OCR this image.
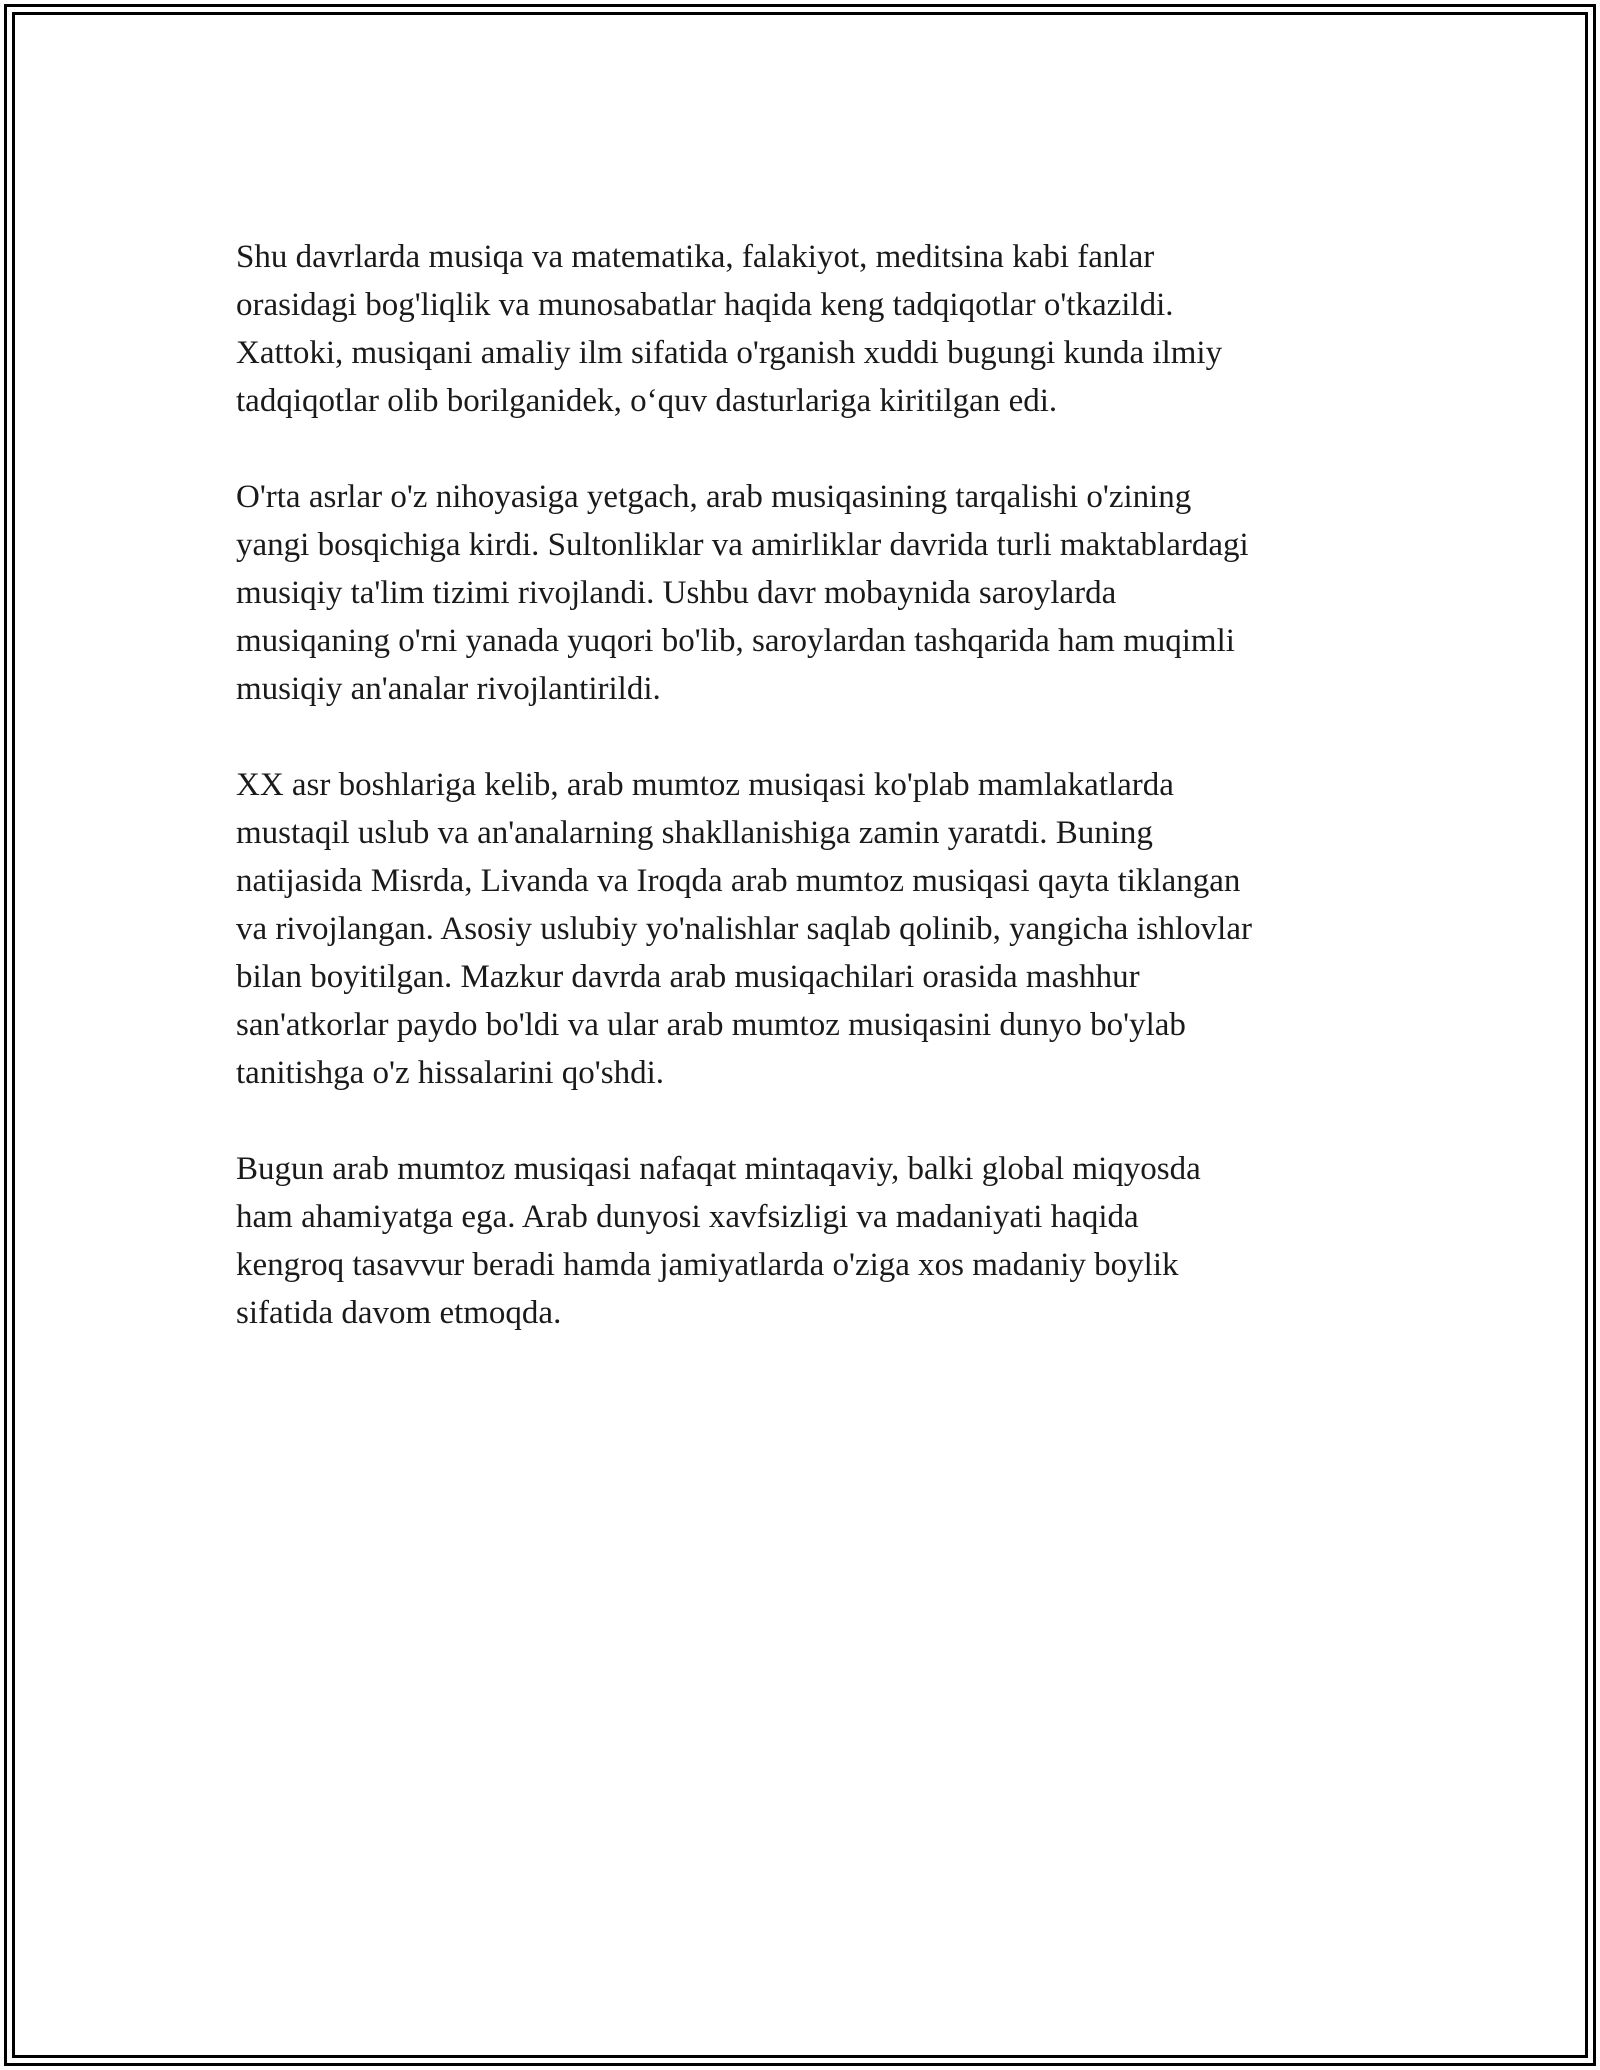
Shu davrlarda musiqa va matematika, falakiyot, meditsina kabi fanlar
orasidagi bog'liqlik va munosabatlar haqida keng tadqiqotlar o'tkazildi.
Xattoki, musiqani amaliy ilm sifatida o'rganish xuddi bugungi kunda ilmiy
tadqiqotlar olib borilganidek, o‘quv dasturlariga kiritilgan edi.

O'rta asrlar o'z nihoyasiga yetgach, arab musiqasining tarqalishi o'zining
yangi bosqichiga kirdi. Sultonliklar va amirliklar davrida turli maktablardagi
musiqiy ta'lim tizimi rivojlandi. Ushbu davr mobaynida saroylarda
musiqaning o'rni yanada yuqori bo'lib, saroylardan tashqarida ham muqimli
musiqiy an'analar rivojlantirildi.

XX asr boshlariga kelib, arab mumtoz musiqasi ko'plab mamlakatlarda
mustaqil uslub va an'analarning shakllanishiga zamin yaratdi. Buning
natijasida Misrda, Livanda va Iroqda arab mumtoz musiqasi qayta tiklangan
va rivojlangan. Asosiy uslubiy yo'nalishlar saqlab qolinib, yangicha ishlovlar
bilan boyitilgan. Mazkur davrda arab musiqachilari orasida mashhur
san'atkorlar paydo bo'ldi va ular arab mumtoz musiqasini dunyo bo'ylab
tanitishga o'z hissalarini qo'shdi.

Bugun arab mumtoz musiqasi nafaqat mintaqaviy, balki global miqyosda
ham ahamiyatga ega. Arab dunyosi xavfsizligi va madaniyati haqida
kengroq tasavvur beradi hamda jamiyatlarda o'ziga xos madaniy boylik
sifatida davom etmoqda.
